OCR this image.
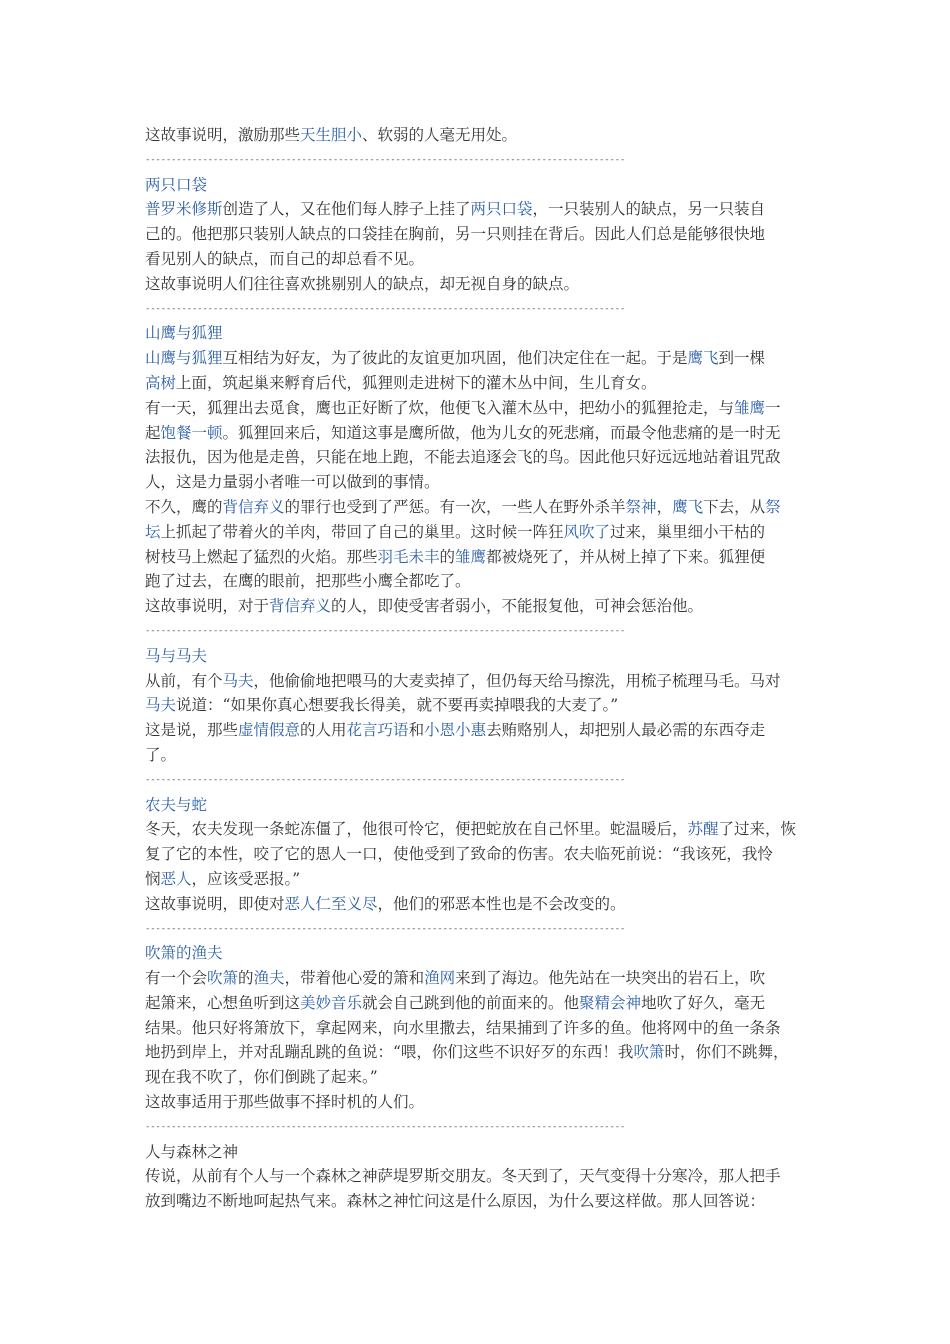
这故事说明，激励那些天生胆小、软弱的人毫无用处。
--------------------------------------------------------------------------------------------
两只口袋
普罗米修斯创造了人，又在他们每人脖子上挂了两只口袋，一只装别人的缺点，另一只装自
己的。他把那只装别人缺点的口袋挂在胸前，另一只则挂在背后。因此人们总是能够很快地
看见别人的缺点，而自己的却总看不见。
这故事说明人们往往喜欢挑剔别人的缺点，却无视自身的缺点。
--------------------------------------------------------------------------------------------
山鹰与狐狸
山鹰与狐狸互相结为好友，为了彼此的友谊更加巩固，他们决定住在一起。于是鹰飞到一棵
高树上面，筑起巢来孵育后代，狐狸则走进树下的灌木丛中间，生儿育女。
有一天，狐狸出去觅食，鹰也正好断了炊，他便飞入灌木丛中，把幼小的狐狸抢走，与雏鹰一
起饱餐一顿。狐狸回来后，知道这事是鹰所做，他为儿女的死悲痛，而最令他悲痛的是一时无
法报仇，因为他是走兽，只能在地上跑，不能去追逐会飞的鸟。因此他只好远远地站着诅咒敌
人，这是力量弱小者唯一可以做到的事情。
不久，鹰的背信弃义的罪行也受到了严惩。有一次，一些人在野外杀羊祭神，鹰飞下去，从祭
坛上抓起了带着火的羊肉，带回了自己的巢里。这时候一阵狂风吹了过来，巢里细小干枯的
树枝马上燃起了猛烈的火焰。那些羽毛未丰的雏鹰都被烧死了，并从树上掉了下来。狐狸便
跑了过去，在鹰的眼前，把那些小鹰全都吃了。
这故事说明，对于背信弃义的人，即使受害者弱小，不能报复他，可神会惩治他。
--------------------------------------------------------------------------------------------
马与马夫
从前，有个马夫，他偷偷地把喂马的大麦卖掉了，但仍每天给马擦洗，用梳子梳理马毛。马对
马夫说道：“如果你真心想要我长得美，就不要再卖掉喂我的大麦了。”
这是说，那些虚情假意的人用花言巧语和小恩小惠去贿赂别人，却把别人最必需的东西夺走
了。
--------------------------------------------------------------------------------------------
农夫与蛇
冬天，农夫发现一条蛇冻僵了，他很可怜它，便把蛇放在自己怀里。蛇温暖后，苏醒了过来，恢
复了它的本性，咬了它的恩人一口，使他受到了致命的伤害。农夫临死前说：“我该死，我怜
悯恶人，应该受恶报。”
这故事说明，即使对恶人仁至义尽，他们的邪恶本性也是不会改变的。
--------------------------------------------------------------------------------------------
吹箫的渔夫
有一个会吹箫的渔夫，带着他心爱的箫和渔网来到了海边。他先站在一块突出的岩石上，吹
起箫来，心想鱼听到这美妙音乐就会自己跳到他的前面来的。他聚精会神地吹了好久，毫无
结果。他只好将箫放下，拿起网来，向水里撒去，结果捕到了许多的鱼。他将网中的鱼一条条
地扔到岸上，并对乱蹦乱跳的鱼说：“喂，你们这些不识好歹的东西！我吹箫时，你们不跳舞，
现在我不吹了，你们倒跳了起来。”
这故事适用于那些做事不择时机的人们。
--------------------------------------------------------------------------------------------
人与森林之神
传说，从前有个人与一个森林之神萨堤罗斯交朋友。冬天到了，天气变得十分寒冷，那人把手
放到嘴边不断地呵起热气来。森林之神忙问这是什么原因，为什么要这样做。那人回答说：
